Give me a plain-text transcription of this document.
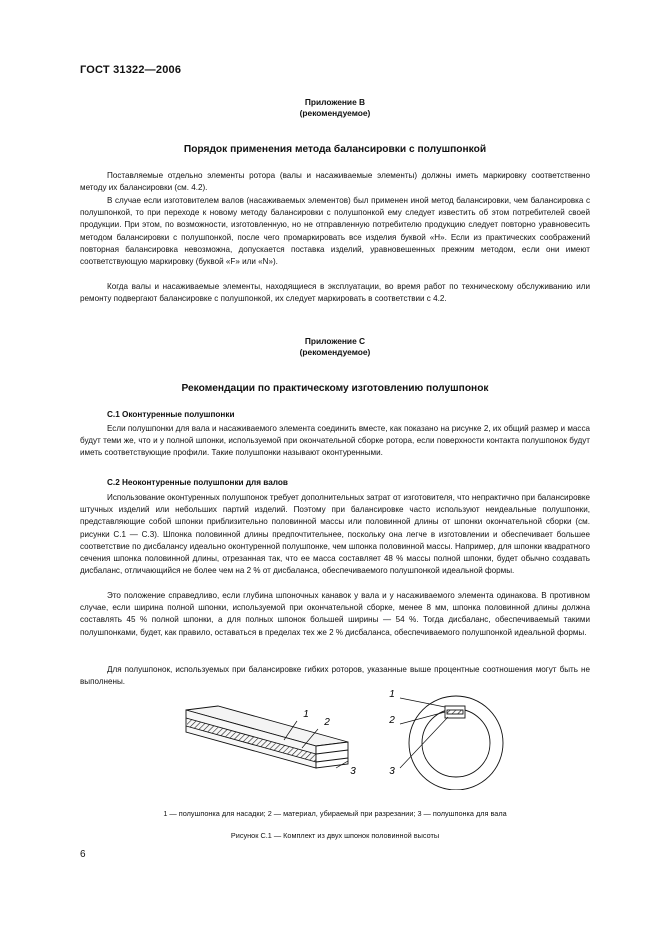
ГОСТ 31322—2006
Приложение B
(рекомендуемое)
Порядок применения метода балансировки с полушпонкой

Поставляемые отдельно элементы ротора (валы и насаживаемые элементы) должны иметь маркировку соответственно методу их балансировки (см. 4.2).

В случае если изготовителем валов (насаживаемых элементов) был применен иной метод балансировки, чем балансировка с полушпонкой, то при переходе к новому методу балансировки с полушпонкой ему следует известить об этом потребителей своей продукции. При этом, по возможности, изготовленную, но не отправленную потребителю продукцию следует повторно уравновесить методом балансировки с полушпонкой, после чего промаркировать все изделия буквой «H». Если из практических соображений повторная балансировка невозможна, допускается поставка изделий, уравновешенных прежним методом, если они имеют соответствующую маркировку (буквой «F» или «N»).

Когда валы и насаживаемые элементы, находящиеся в эксплуатации, во время работ по техническому обслуживанию или ремонту подвергают балансировке с полушпонкой, их следует маркировать в соответствии с 4.2.

Приложение C
(рекомендуемое)
Рекомендации по практическому изготовлению полушпонок
C.1 Оконтуренные полушпонки

Если полушпонки для вала и насаживаемого элемента соединить вместе, как показано на рисунке 2, их общий размер и масса будут теми же, что и у полной шпонки, используемой при окончательной сборке ротора, если поверхности контакта полушпонок будут иметь соответствующие профили. Такие полушпонки называют оконтуренными.

C.2 Неоконтуренные полушпонки для валов

Использование оконтуренных полушпонок требует дополнительных затрат от изготовителя, что непрактично при балансировке штучных изделий или небольших партий изделий. Поэтому при балансировке часто используют неидеальные полушпонки, представляющие собой шпонки приблизительно половинной массы или половинной длины от шпонки окончательной сборки (см. рисунки C.1 — C.3). Шпонка половинной длины предпочтительнее, поскольку она легче в изготовлении и обеспечивает большее соответствие по дисбалансу идеально оконтуренной полушпонке, чем шпонка половинной массы. Например, для шпонки квадратного сечения шпонка половинной длины, отрезанная так, что ее масса составляет 48 % массы полной шпонки, будет обычно создавать дисбаланс, отличающийся не более чем на 2 % от дисбаланса, обеспечиваемого полушпонкой идеальной формы.

Это положение справедливо, если глубина шпоночных канавок у вала и у насаживаемого элемента одинакова. В противном случае, если ширина полной шпонки, используемой при окончательной сборке, менее 8 мм, шпонка половинной длины должна составлять 45 % полной шпонки, а для полных шпонок большей ширины — 54 %. Тогда дисбаланс, обеспечиваемый такими полушпонками, будет, как правило, оставаться в пределах тех же 2 % дисбаланса, обеспечиваемого полушпонкой идеальной формы.

Для полушпонок, используемых при балансировке гибких роторов, указанные выше процентные соотношения могут быть не выполнены.

1
2
3
1
2
3
1 — полушпонка для насадки; 2 — материал, убираемый при разрезании; 3 — полушпонка для вала
Рисунок C.1 — Комплект из двух шпонок половинной высоты
6
